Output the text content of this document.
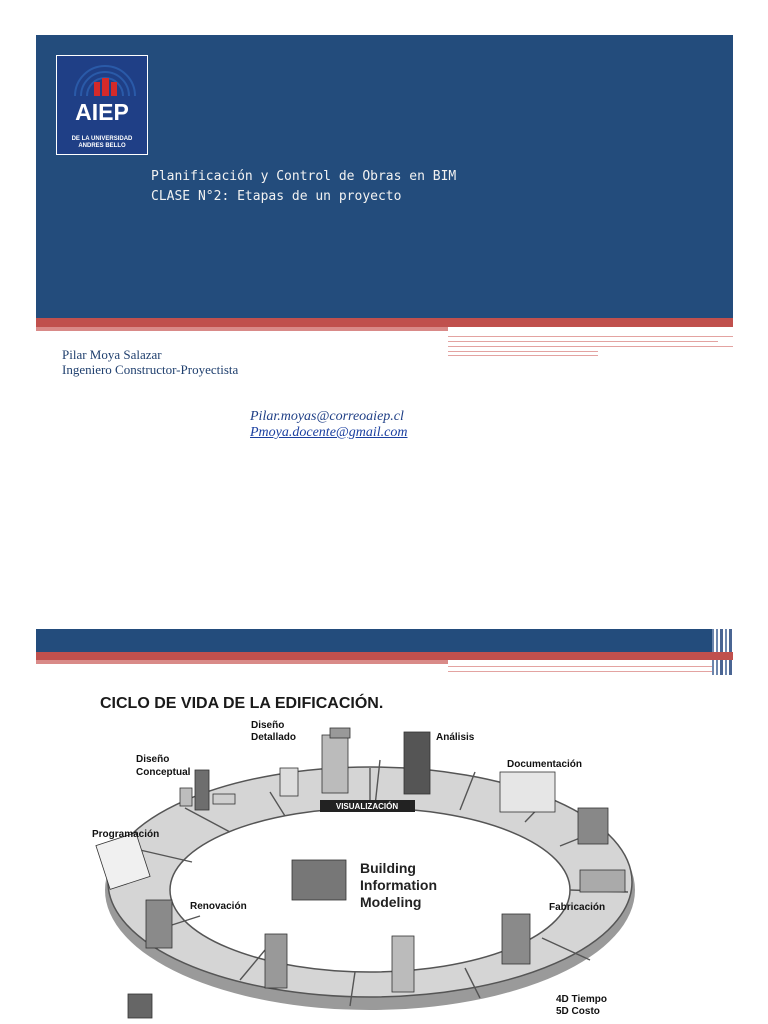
AIEP
DE LA UNIVERSIDAD
ANDRES BELLO
Planificación y Control de Obras en BIM
CLASE N°2: Etapas de un proyecto
Pilar Moya Salazar
Ingeniero Constructor-Proyectista
Pilar.moyas@correoaiep.cl
Pmoya.docente@gmail.com
CICLO DE VIDA DE LA EDIFICACIÓN.
VISUALIZACIÓN
Building
Information
Modeling
Diseño
Detallado	Análisis
Diseño
Conceptual
Documentación
Programación
Renovación	Fabricación
4D Tiempo
5D Costo
